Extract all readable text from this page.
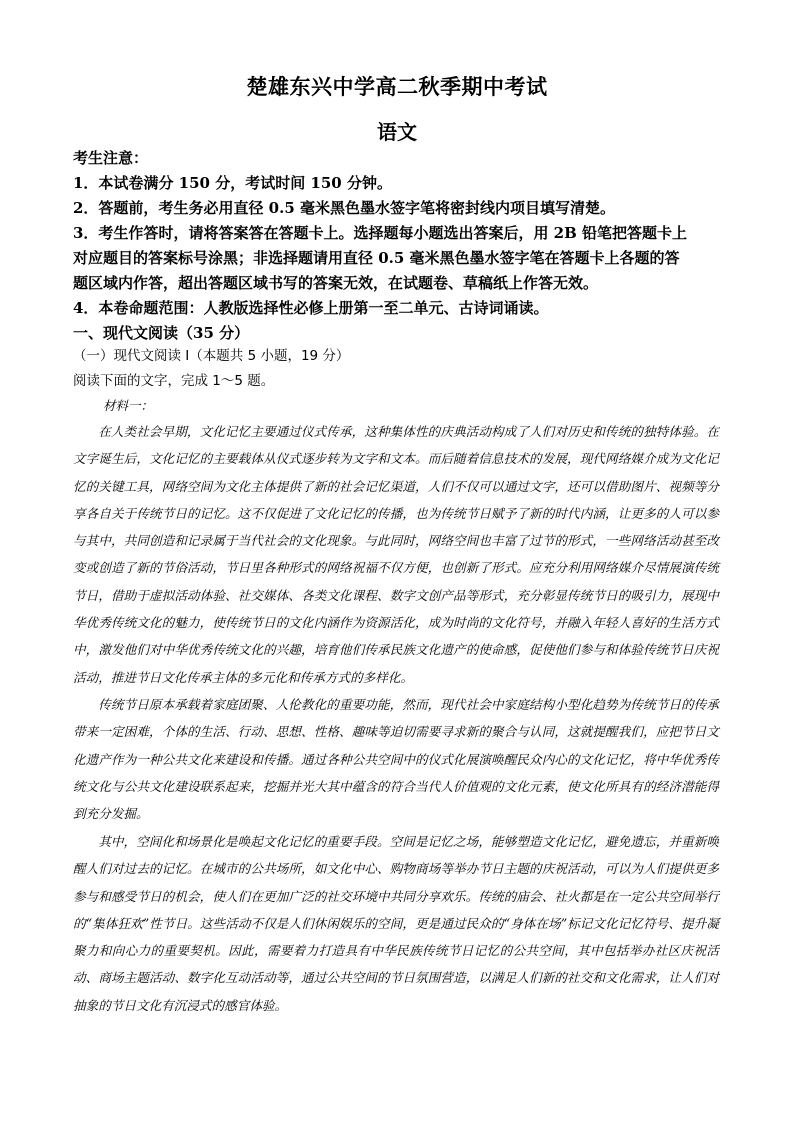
楚雄东兴中学高二秋季期中考试
语文
考生注意：
1．本试卷满分 150 分，考试时间 150 分钟。
2．答题前，考生务必用直径 0.5 毫米黑色墨水签字笔将密封线内项目填写清楚。
3．考生作答时，请将答案答在答题卡上。选择题每小题选出答案后，用 2B 铅笔把答题卡上
对应题目的答案标号涂黑；非选择题请用直径 0.5 毫米黑色墨水签字笔在答题卡上各题的答
题区域内作答，超出答题区域书写的答案无效，在试题卷、草稿纸上作答无效。
4．本卷命题范围：人教版选择性必修上册第一至二单元、古诗词诵读。
一、现代文阅读（35 分）
（一）现代文阅读 I（本题共 5 小题，19 分）
阅读下面的文字，完成 1～5 题。
材料一：
在人类社会早期，文化记忆主要通过仪式传承，这种集体性的庆典活动构成了人们对历史和传统的独特体验。在文字诞生后，文化记忆的主要载体从仪式逐步转为文字和文本。而后随着信息技术的发展，现代网络媒介成为文化记忆的关键工具，网络空间为文化主体提供了新的社会记忆渠道，人们不仅可以通过文字，还可以借助图片、视频等分享各自关于传统节日的记忆。这不仅促进了文化记忆的传播，也为传统节日赋予了新的时代内涵，让更多的人可以参与其中，共同创造和记录属于当代社会的文化现象。与此同时，网络空间也丰富了过节的形式，一些网络活动甚至改变或创造了新的节俗活动，节日里各种形式的网络祝福不仅方便，也创新了形式。应充分利用网络媒介尽情展演传统节日，借助于虚拟活动体验、社交媒体、各类文化课程、数字文创产品等形式，充分彰显传统节日的吸引力，展现中华优秀传统文化的魅力，使传统节日的文化内涵作为资源活化，成为时尚的文化符号，并融入年轻人喜好的生活方式中，激发他们对中华优秀传统文化的兴趣，培育他们传承民族文化遗产的使命感，促使他们参与和体验传统节日庆祝活动，推进节日文化传承主体的多元化和传承方式的多样化。
传统节日原本承载着家庭团聚、人伦教化的重要功能，然而，现代社会中家庭结构小型化趋势为传统节日的传承带来一定困难，个体的生活、行动、思想、性格、趣味等迫切需要寻求新的聚合与认同，这就提醒我们，应把节日文化遗产作为一种公共文化来建设和传播。通过各种公共空间中的仪式化展演唤醒民众内心的文化记忆，将中华优秀传统文化与公共文化建设联系起来，挖掘并光大其中蕴含的符合当代人价值观的文化元素，使文化所具有的经济潜能得到充分发掘。
其中，空间化和场景化是唤起文化记忆的重要手段。空间是记忆之场，能够塑造文化记忆，避免遗忘，并重新唤醒人们对过去的记忆。在城市的公共场所，如文化中心、购物商场等举办节日主题的庆祝活动，可以为人们提供更多参与和感受节日的机会，使人们在更加广泛的社交环境中共同分享欢乐。传统的庙会、社火都是在一定公共空间举行的“集体狂欢”性节日。这些活动不仅是人们休闲娱乐的空间，更是通过民众的“身体在场”标记文化记忆符号、提升凝聚力和向心力的重要契机。因此，需要着力打造具有中华民族传统节日记忆的公共空间，其中包括举办社区庆祝活动、商场主题活动、数字化互动活动等，通过公共空间的节日氛围营造，以满足人们新的社交和文化需求，让人们对抽象的节日文化有沉浸式的感官体验。
